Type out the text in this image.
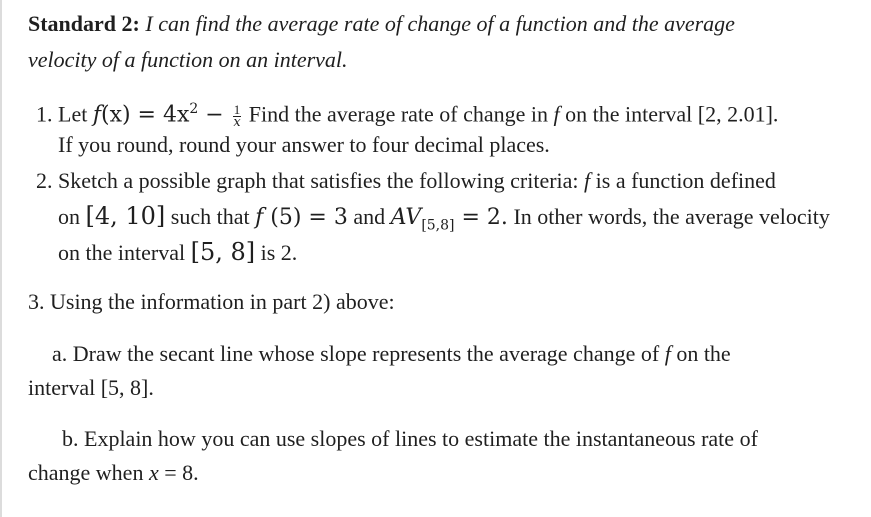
Standard 2: I can find the average rate of change of a function and the average
velocity of a function on an interval.
1. Let $f(x) = 4x^2 - \frac{1}{x}$ Find the average rate of change in f on the interval [2, 2.01].
If you round, round your answer to four decimal places.
2. Sketch a possible graph that satisfies the following criteria: f is a function defined
on [4, 10] such that f (5) = 3 and $AV_{[5,8]} = 2$. In other words, the average velocity
on the interval [5, 8] is 2.
3. Using the information in part 2) above:
a. Draw the secant line whose slope represents the average change of f on the
interval [5, 8].
b. Explain how you can use slopes of lines to estimate the instantaneous rate of
change when x = 8.
